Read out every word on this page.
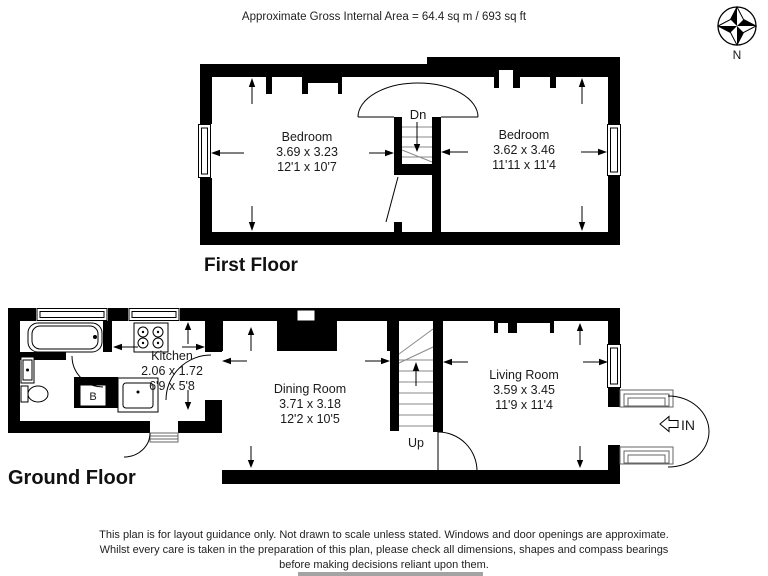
Approximate Gross Internal Area = 64.4 sq m / 693 sq ft
N
Dn
Bedroom
3.69 x 3.23
12'1 x 10'7
Bedroom
3.62 x 3.46
11'11 x 11'4
First Floor
B
Up
IN
Kitchen
2.06 x 1.72
6'9 x 5'8	Dining Room
3.71 x 3.18
12'2 x 10'5
Living Room
3.59 x 3.45
11'9 x 11'4
Ground Floor
This plan is for layout guidance only. Not drawn to scale unless stated. Windows and door openings are approximate.
Whilst every care is taken in the preparation of this plan, please check all dimensions, shapes and compass bearings
before making decisions reliant upon them.
